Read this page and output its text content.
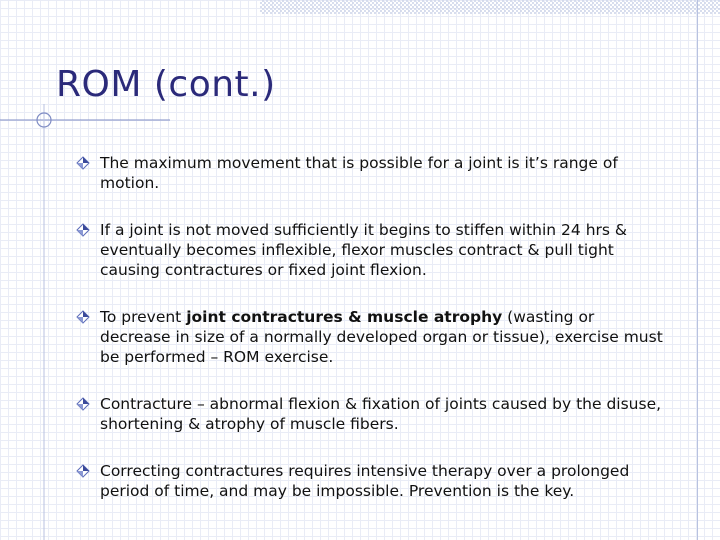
ROM (cont.)
The maximum movement that is possible for a joint is it’s range of motion.
If a joint is not moved sufficiently it begins to stiffen within 24 hrs & eventually becomes inflexible, flexor muscles contract & pull tight causing contractures or fixed joint flexion.
To prevent joint contractures & muscle atrophy (wasting or decrease in size of a normally developed organ or tissue), exercise must be performed – ROM exercise.
Contracture – abnormal flexion & fixation of joints caused by the disuse, shortening & atrophy of muscle fibers.
Correcting contractures requires intensive therapy over a prolonged period of time, and may be impossible. Prevention is the key.
